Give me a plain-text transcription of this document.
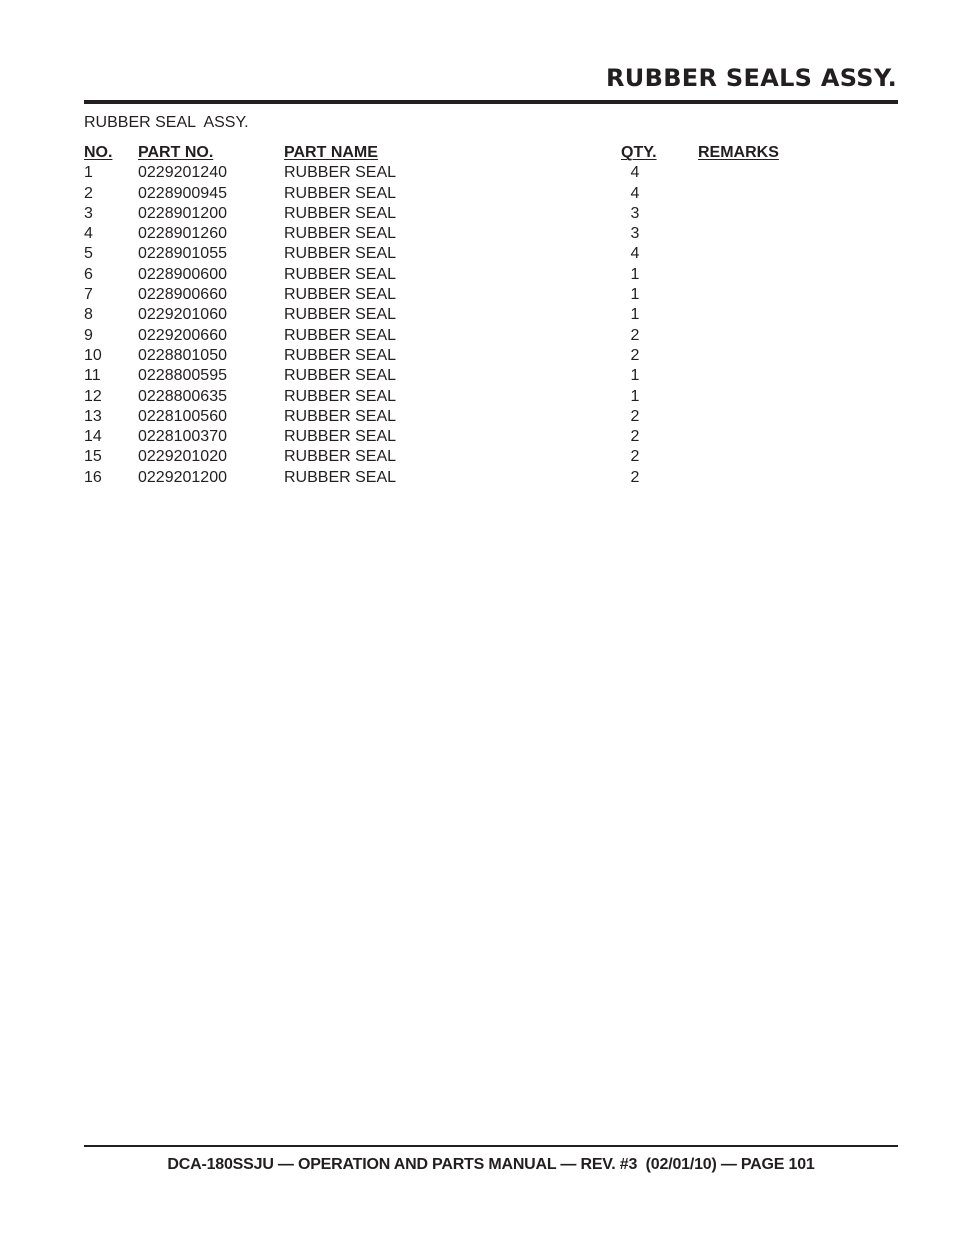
RUBBER SEALS ASSY.
RUBBER SEAL  ASSY.
NO. PART NO.	PART NAME	QTY.	REMARKS
1	0229201240	RUBBER SEAL	4
2	0228900945	RUBBER SEAL	4
3	0228901200	RUBBER SEAL	3
4	0228901260	RUBBER SEAL	3
5	0228901055	RUBBER SEAL	4
6	0228900600	RUBBER SEAL	1
7	0228900660	RUBBER SEAL	1
8	0229201060	RUBBER SEAL	1
9	0229200660	RUBBER SEAL	2
10 0228801050	RUBBER SEAL	2
11 0228800595	RUBBER SEAL	1
12 0228800635	RUBBER SEAL	1
13 0228100560	RUBBER SEAL	2
14 0228100370	RUBBER SEAL	2
15 0229201020	RUBBER SEAL	2
16 0229201200	RUBBER SEAL	2
DCA-180SSJU — OPERATION AND PARTS MANUAL — REV. #3  (02/01/10) — PAGE 101
